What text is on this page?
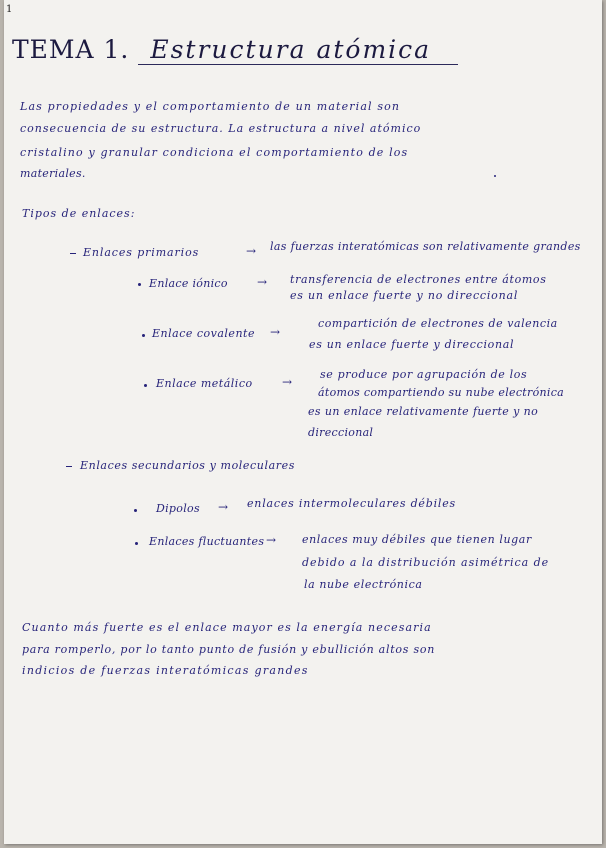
1

TEMA 1. Estructura atómica

Las propiedades y el comportamiento de un material son

consecuencia de su estructura. La estructura a nivel atómico

cristalino y granular condiciona el comportamiento de los

materiales.

Tipos de enlaces:

Enlaces primarios	→ las fuerzas interatómicas son relativamente grandes

Enlace iónico → transferencia de electrones entre átomos

es un enlace fuerte y no direccional

Enlace covalente →

compartición de electrones de valencia

es un enlace fuerte y direccional

Enlace metálico →

se produce por agrupación de los

átomos compartiendo su nube electrónica

es un enlace relativamente fuerte y no

direccional

Enlaces secundarios y moleculares

Dipolos → enlaces intermoleculares débiles

Enlaces fluctuantes → enlaces muy débiles que tienen lugar

debido a la distribución asimétrica de

la nube electrónica

Cuanto más fuerte es el enlace mayor es la energía necesaria

para romperlo, por lo tanto punto de fusión y ebullición altos son

indicios de fuerzas interatómicas grandes
